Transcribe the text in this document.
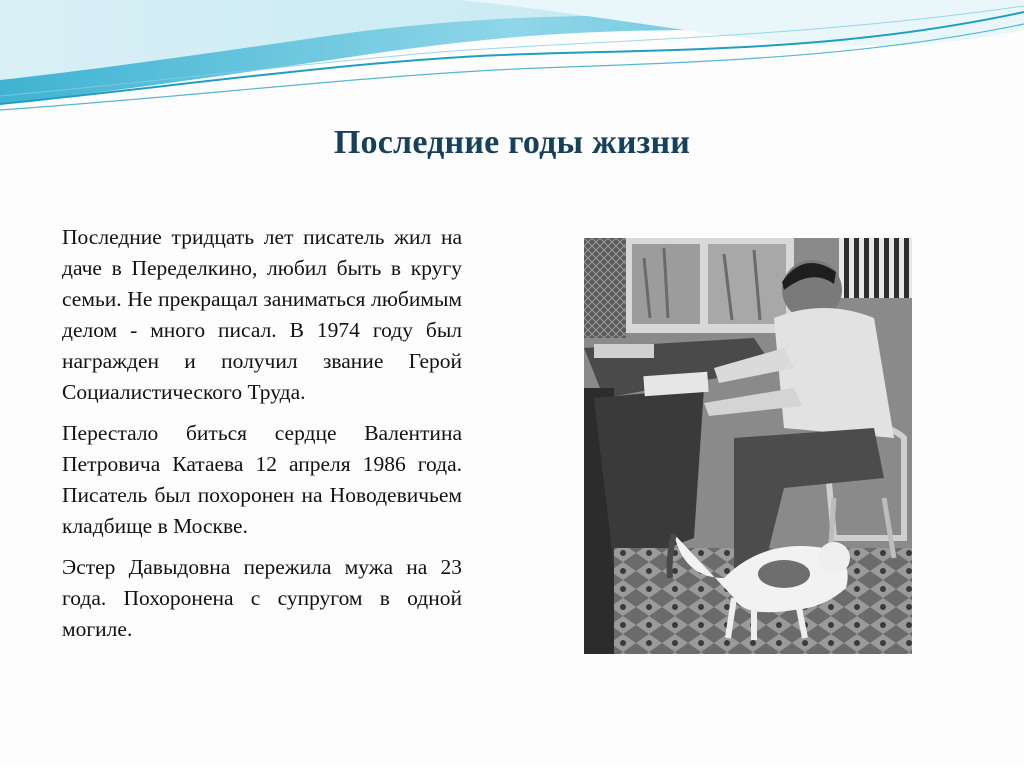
Последние годы жизни

Последние тридцать лет писатель жил на даче в Переделкино, любил быть в кругу семьи. Не прекращал заниматься любимым делом - много писал. В 1974 году был награжден и получил звание Герой Социалистического Труда.

Перестало биться сердце Валентина Петровича Катаева 12 апреля 1986 года. Писатель был похоронен на Новодевичьем кладбище в Москве.

Эстер Давыдовна пережила мужа на 23 года. Похоронена с супругом в одной могиле.
